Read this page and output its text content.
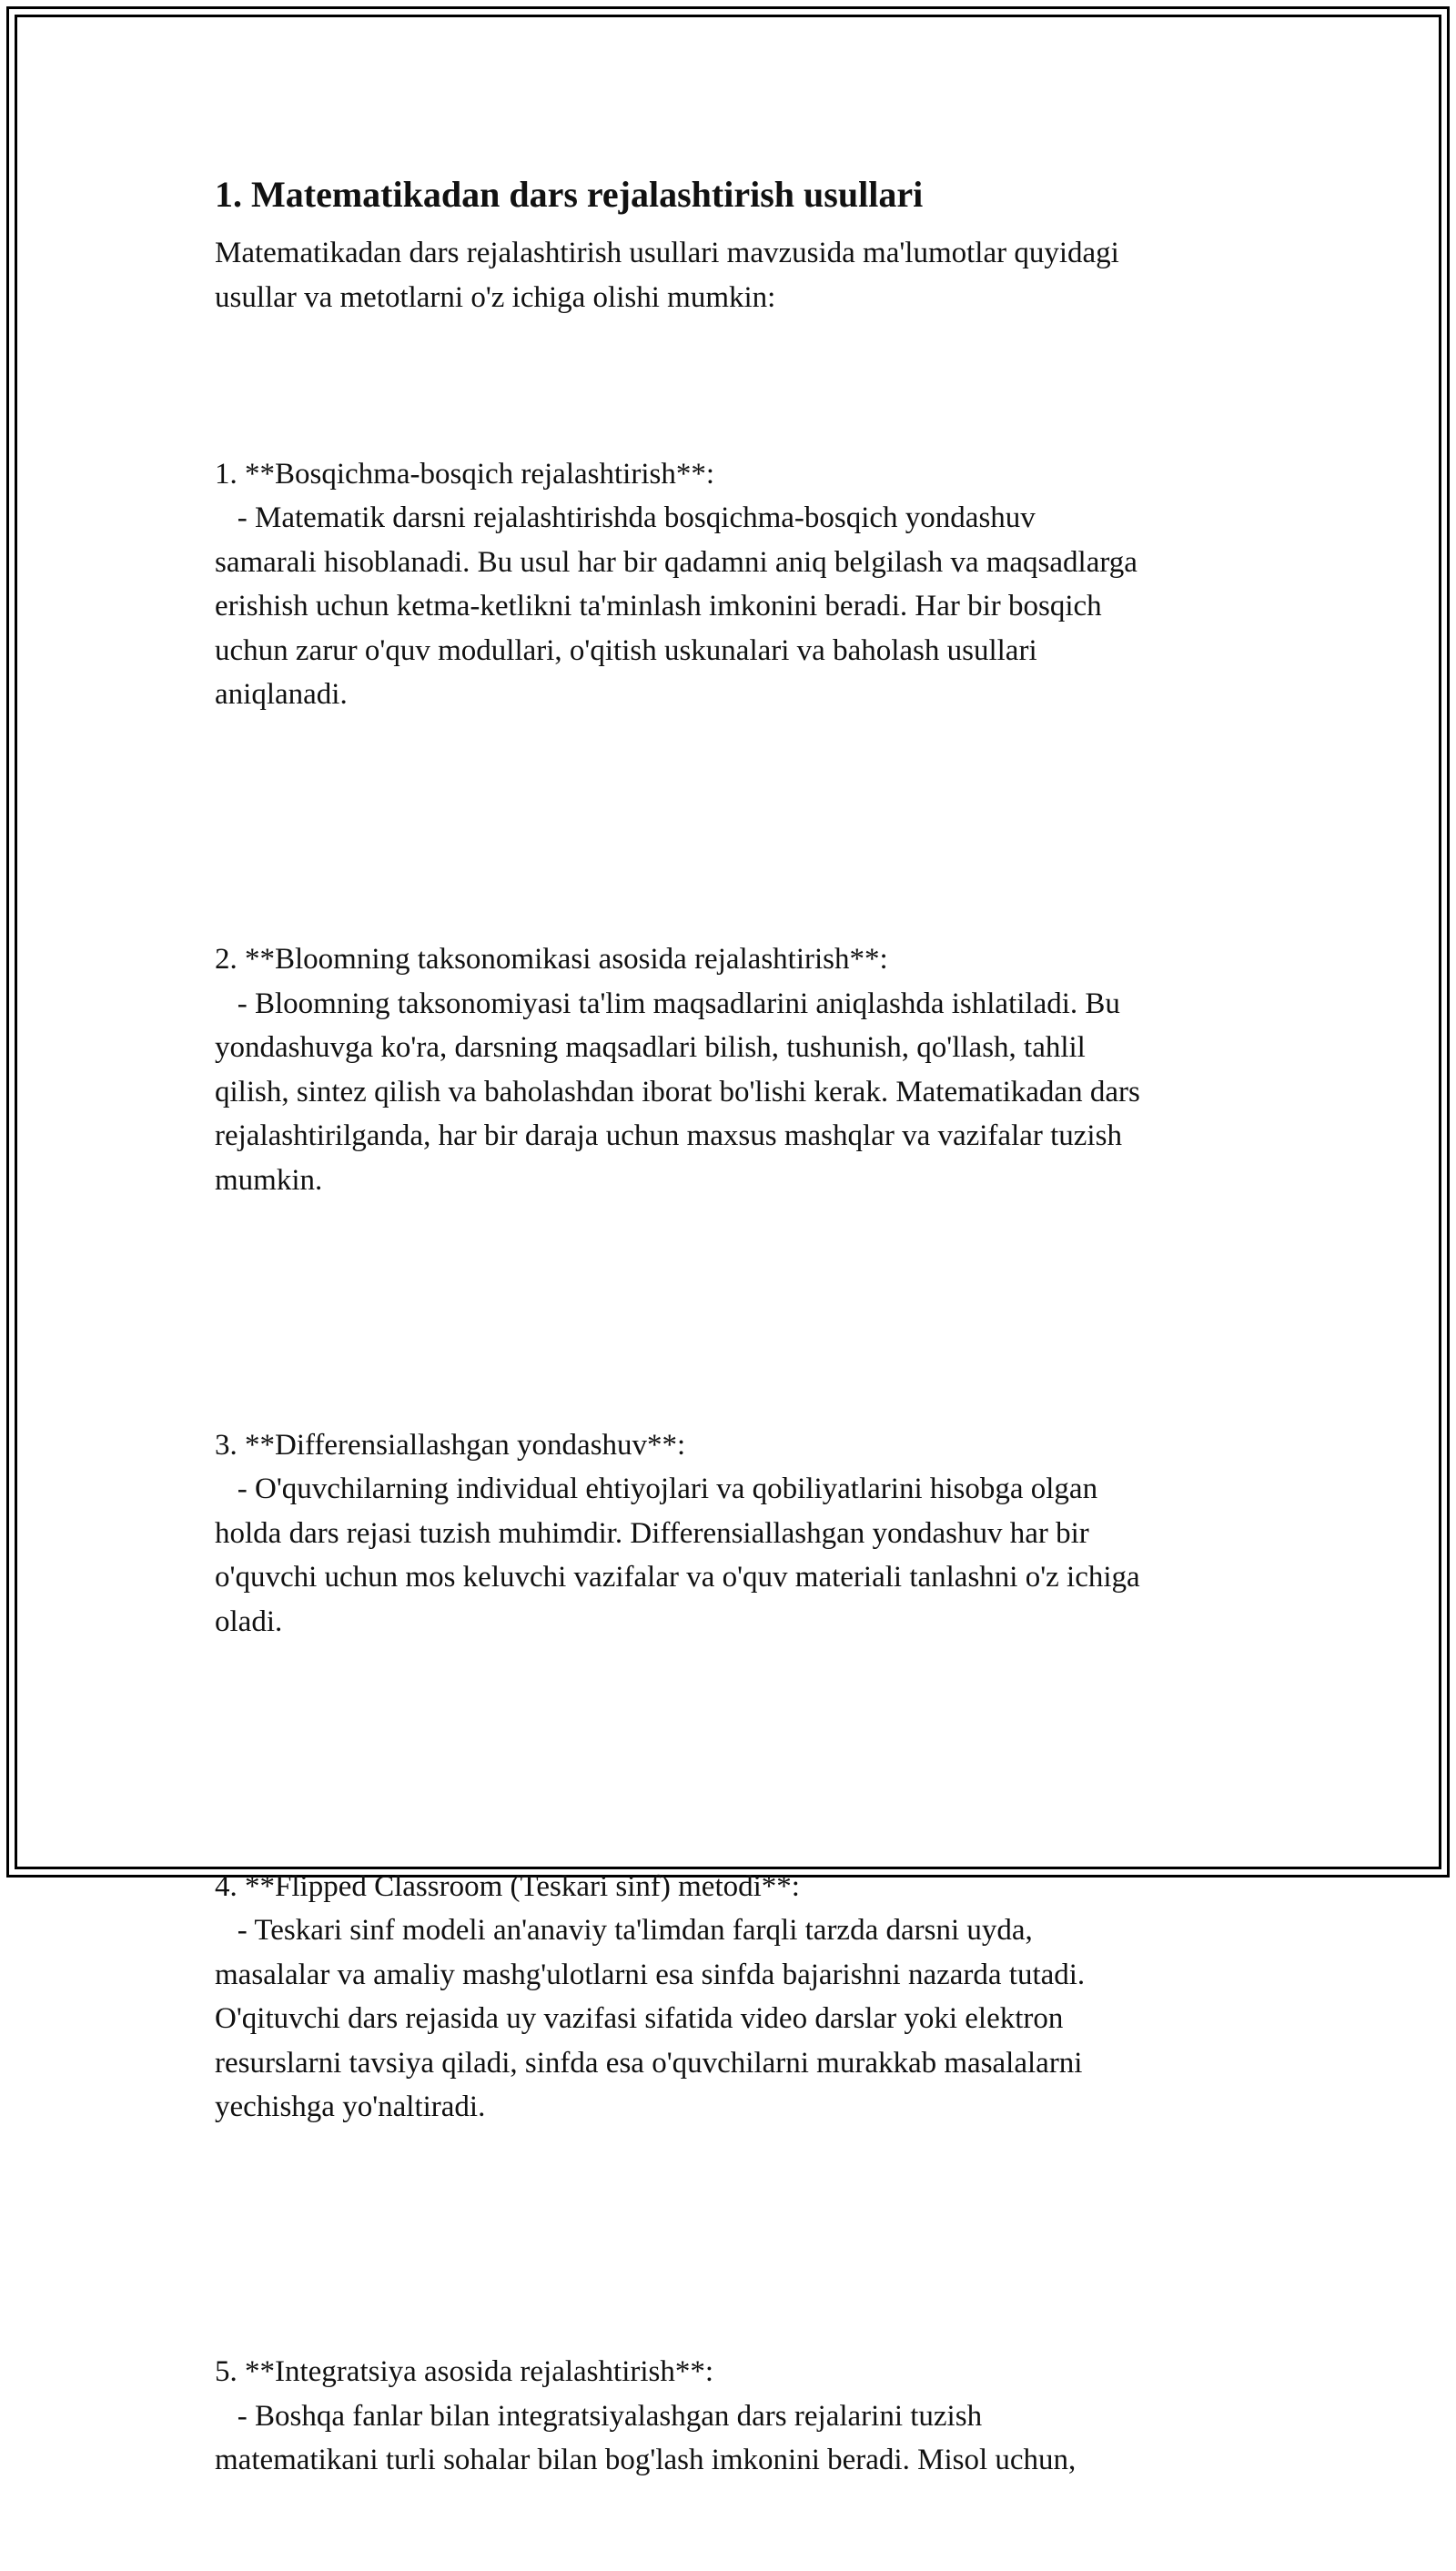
1. Matematikadan dars rejalashtirish usullari

Matematikadan dars rejalashtirish usullari mavzusida ma'lumotlar quyidagi
usullar va metotlarni o'z ichiga olishi mumkin:

1. **Bosqichma-bosqich rejalashtirish**:
- Matematik darsni rejalashtirishda bosqichma-bosqich yondashuv
samarali hisoblanadi. Bu usul har bir qadamni aniq belgilash va maqsadlarga
erishish uchun ketma-ketlikni ta'minlash imkonini beradi. Har bir bosqich
uchun zarur o'quv modullari, o'qitish uskunalari va baholash usullari
aniqlanadi.

2. **Bloomning taksonomikasi asosida rejalashtirish**:
- Bloomning taksonomiyasi ta'lim maqsadlarini aniqlashda ishlatiladi. Bu
yondashuvga ko'ra, darsning maqsadlari bilish, tushunish, qo'llash, tahlil
qilish, sintez qilish va baholashdan iborat bo'lishi kerak. Matematikadan dars
rejalashtirilganda, har bir daraja uchun maxsus mashqlar va vazifalar tuzish
mumkin.

3. **Differensiallashgan yondashuv**:
- O'quvchilarning individual ehtiyojlari va qobiliyatlarini hisobga olgan
holda dars rejasi tuzish muhimdir. Differensiallashgan yondashuv har bir
o'quvchi uchun mos keluvchi vazifalar va o'quv materiali tanlashni o'z ichiga
oladi.

4. **Flipped Classroom (Teskari sinf) metodi**:
- Teskari sinf modeli an'anaviy ta'limdan farqli tarzda darsni uyda,
masalalar va amaliy mashg'ulotlarni esa sinfda bajarishni nazarda tutadi.
O'qituvchi dars rejasida uy vazifasi sifatida video darslar yoki elektron
resurslarni tavsiya qiladi, sinfda esa o'quvchilarni murakkab masalalarni
yechishga yo'naltiradi.

5. **Integratsiya asosida rejalashtirish**:
- Boshqa fanlar bilan integratsiyalashgan dars rejalarini tuzish
matematikani turli sohalar bilan bog'lash imkonini beradi. Misol uchun,
